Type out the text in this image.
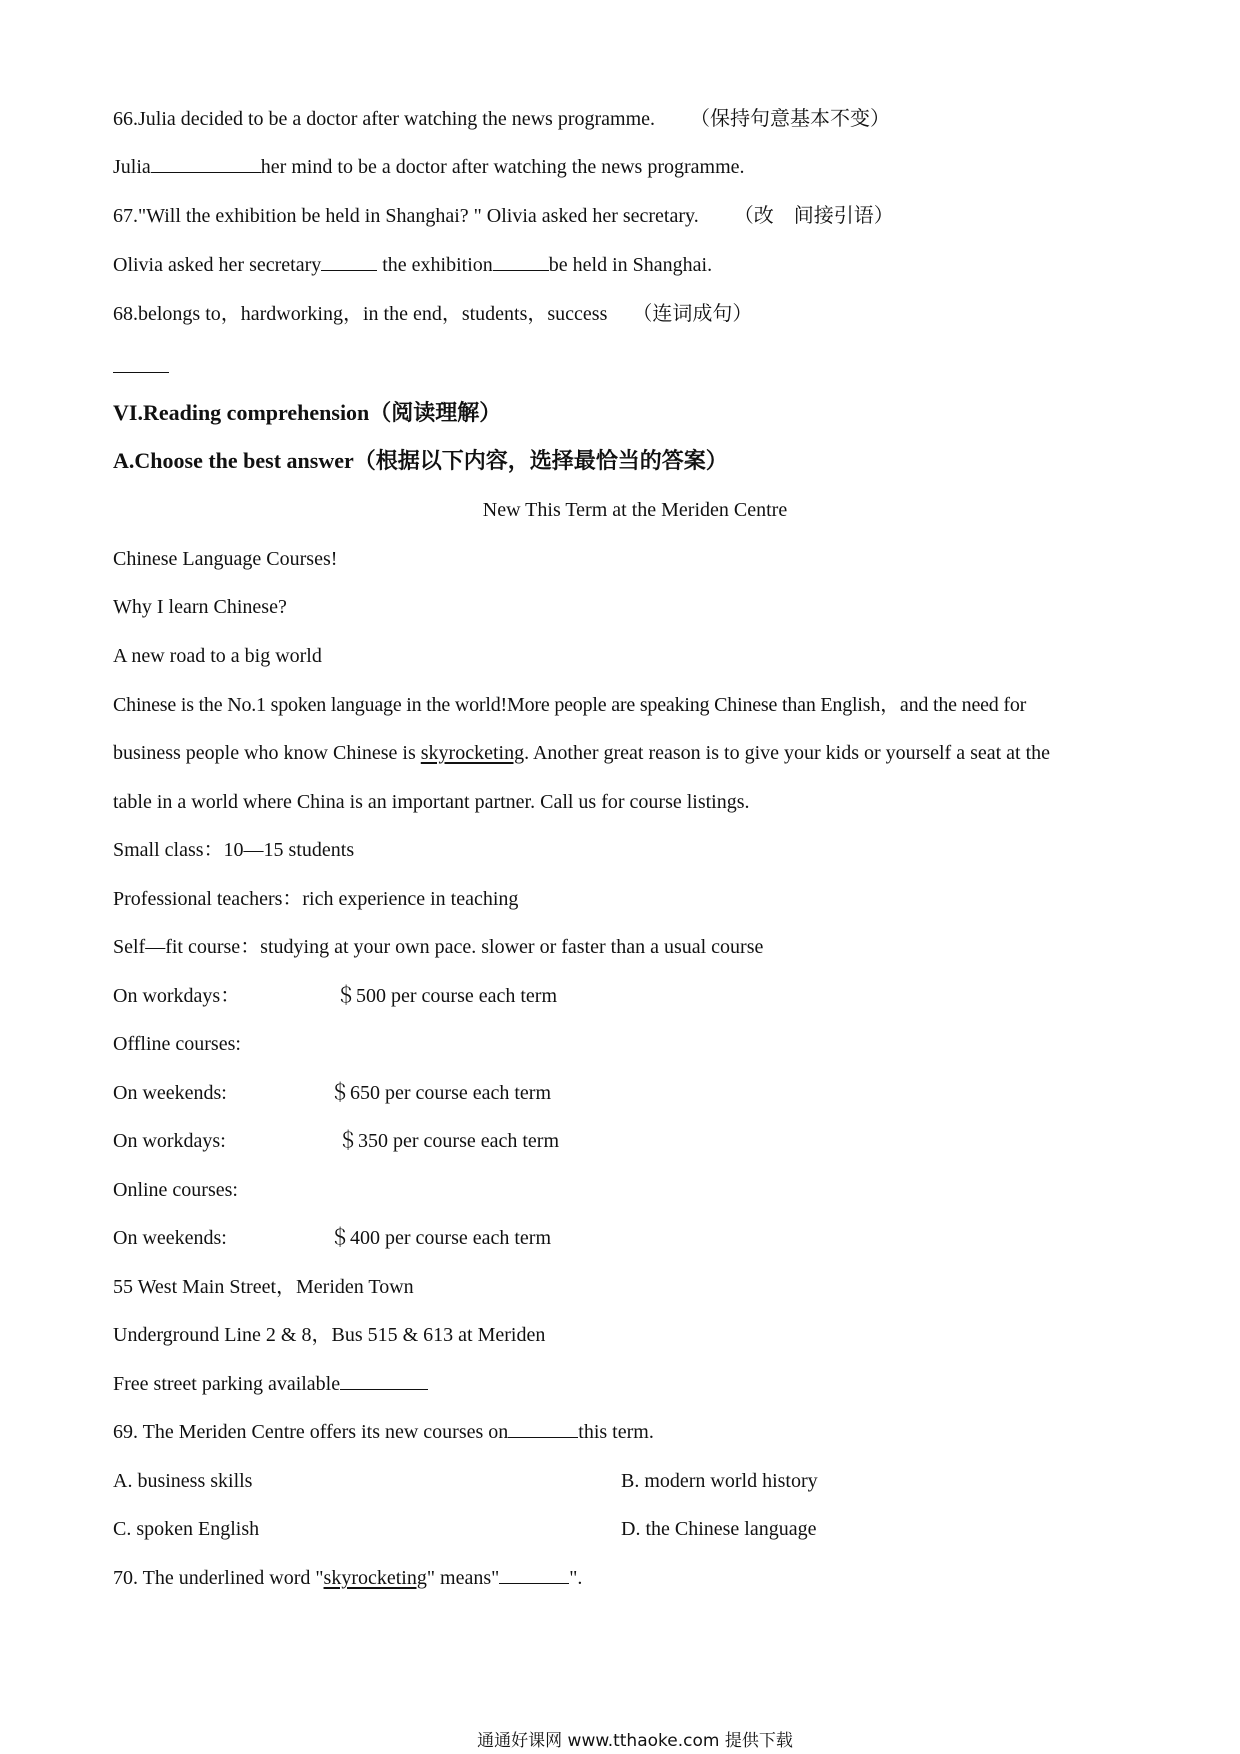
66.Julia decided to be a doctor after watching the news programme. （保持句意基本不变）
Julia	her mind to be a doctor after watching the news programme.
67."Will the exhibition be held in Shanghai? " Olivia asked her secretary. （改　间接引语）
Olivia asked her secretary	the exhibition	be held in Shanghai.
68.belongs to，hardworking，in the end，students，success （连词成句）
VI.Reading comprehension（阅读理解）
A.Choose the best answer（根据以下内容，选择最恰当的答案）
New This Term at the Meriden Centre
Chinese Language Courses!
Why I learn Chinese?
A new road to a big world
Chinese is the No.1 spoken language in the world!More people are speaking Chinese than English，and the need for
business people who know Chinese is skyrocketing. Another great reason is to give your kids or yourself a seat at the
table in a world where China is an important partner. Call us for course listings.
Small class：10—15 students
Professional teachers：rich experience in teaching
Self—fit course：studying at your own pace. slower or faster than a usual course
On workdays：	＄500 per course each term
Offline courses:
On weekends:	＄650 per course each term
On workdays:	＄350 per course each term
Online courses:
On weekends:	＄400 per course each term
55 West Main Street，Meriden Town
Underground Line 2 & 8，Bus 515 & 613 at Meriden
Free street parking available
69. The Meriden Centre offers its new courses on	this term.
A. business skills	B. modern world history
C. spoken English	D. the Chinese language
70. The underlined word "skyrocketing" means"	".
通通好课网 www.tthaoke.com 提供下载
